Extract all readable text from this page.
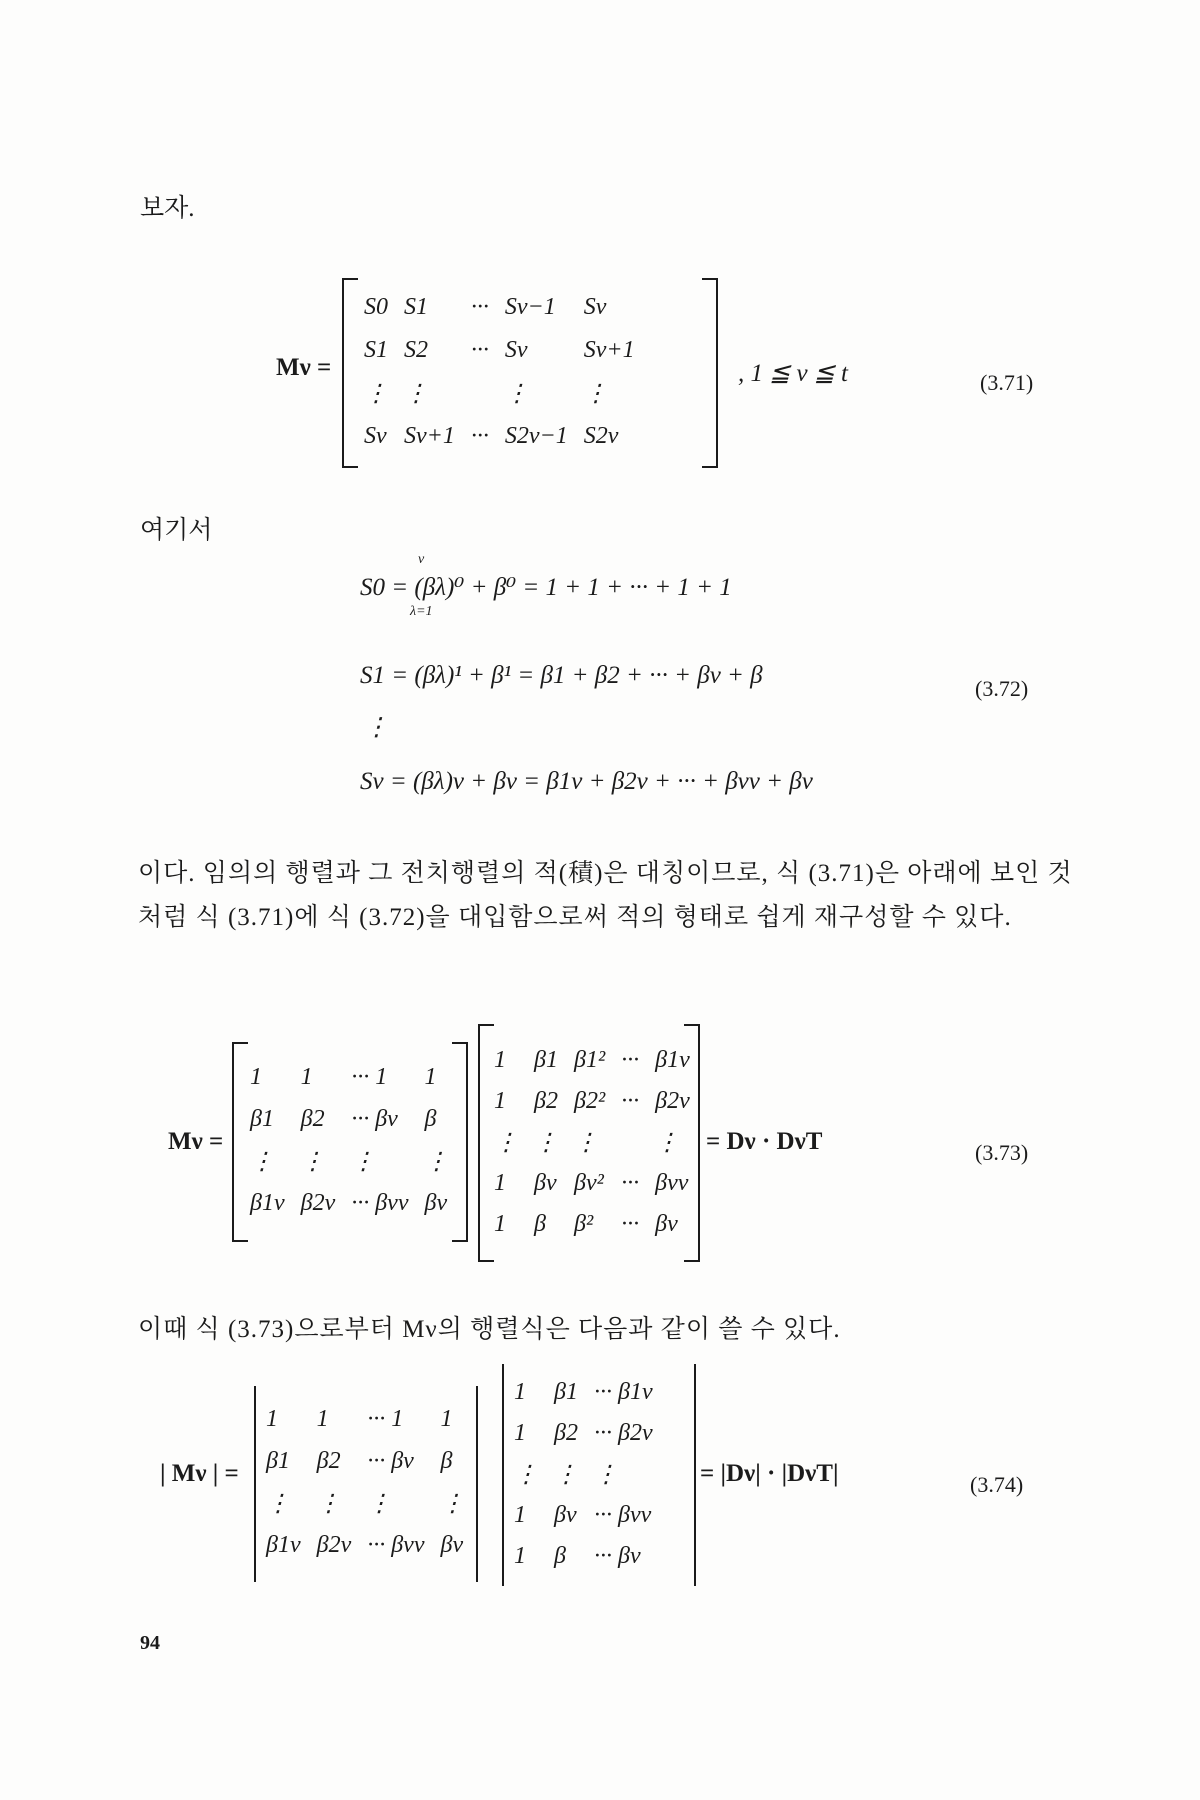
보자.
Mν =
S0	S1	···	Sν−1	Sν
S1	S2	···	Sν	Sν+1
⋮	⋮		⋮	⋮
Sν	Sν+1	···	S2ν−1	S2ν
, 1 ≦ ν ≦ t	(3.71)
여기서
S0 = (βλ)⁰ + β⁰ = 1 + 1 + ··· + 1 + 1
S1 = (βλ)¹ + β¹ = β1 + β2 + ··· + βν + β
⋮
Sν = (βλ)ν + βν = β1ν + β2ν + ··· + βνν + βν
ν
λ=1
(3.72)
이다. 임의의 행렬과 그 전치행렬의 적(積)은 대칭이므로, 식 (3.71)은 아래에 보인 것처럼 식 (3.71)에 식 (3.72)을 대입함으로써 적의 형태로 쉽게 재구성할 수 있다.
Mν =
1	1	··· 1	1
β1	β2	··· βν	β
⋮	⋮	⋮	⋮
β1ν	β2ν	··· βνν	βν
1	β1	β1²	···	β1ν
1	β2	β2²	···	β2ν
⋮	⋮	⋮		⋮
1	βν	βν²	···	βνν
1	β	β²	···	βν
= Dν · DνT	(3.73)
이때 식 (3.73)으로부터 Mν의 행렬식은 다음과 같이 쓸 수 있다.
| Mν | =
1	1	··· 1	1
β1	β2	··· βν	β
⋮	⋮	⋮	⋮
β1ν	β2ν	··· βνν	βν
1	β1	··· β1ν
1	β2	··· β2ν
⋮	⋮	⋮
1	βν	··· βνν
1	β	··· βν
= |Dν| · |DνT|	(3.74)
94
